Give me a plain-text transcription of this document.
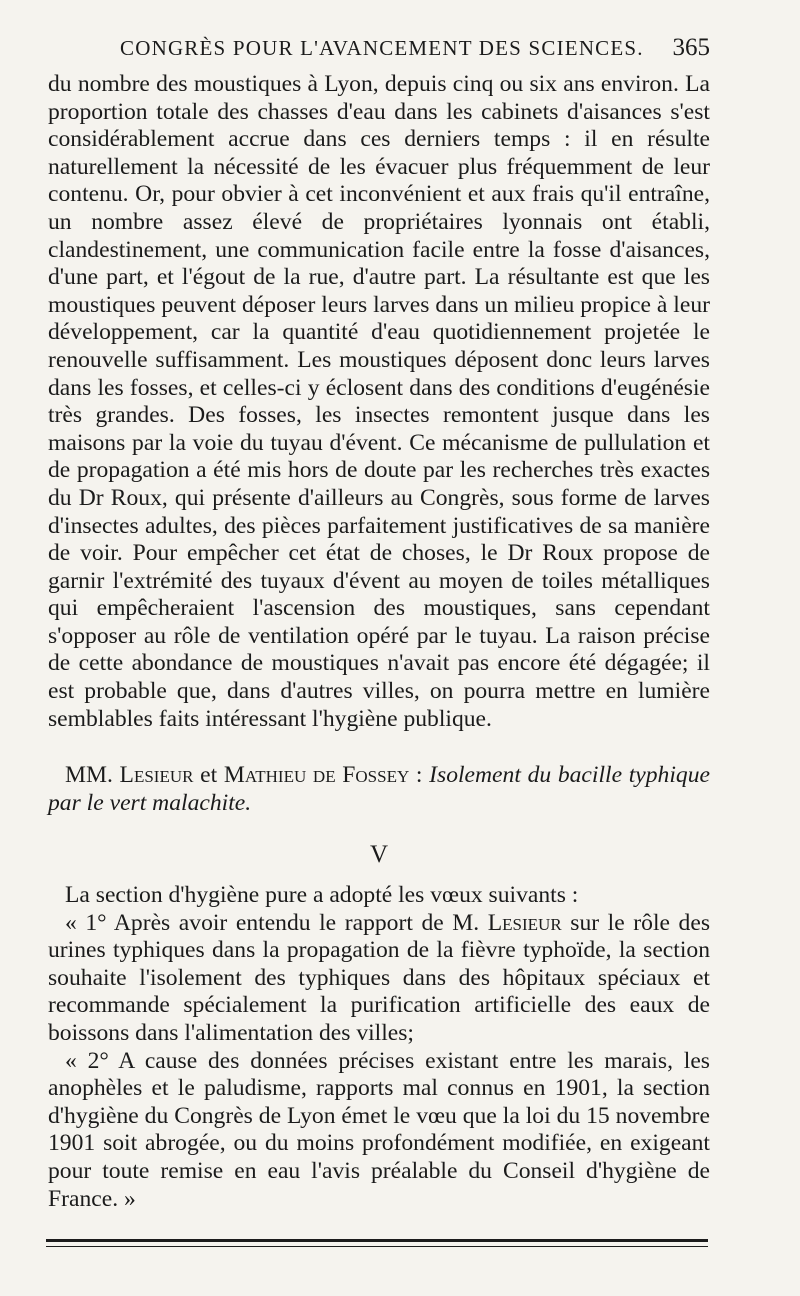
CONGRÈS POUR L'AVANCEMENT DES SCIENCES. 365

du nombre des moustiques à Lyon, depuis cinq ou six ans environ. La proportion totale des chasses d'eau dans les cabinets d'aisances s'est considérablement accrue dans ces derniers temps : il en résulte naturellement la nécessité de les évacuer plus fréquemment de leur contenu. Or, pour obvier à cet inconvénient et aux frais qu'il entraîne, un nombre assez élevé de propriétaires lyonnais ont établi, clandestinement, une communication facile entre la fosse d'aisances, d'une part, et l'égout de la rue, d'autre part. La résultante est que les moustiques peuvent déposer leurs larves dans un milieu propice à leur développement, car la quantité d'eau quotidiennement projetée le renouvelle suffisamment. Les moustiques déposent donc leurs larves dans les fosses, et celles-ci y éclosent dans des conditions d'eugénésie très grandes. Des fosses, les insectes remontent jusque dans les maisons par la voie du tuyau d'évent. Ce mécanisme de pullulation et de propagation a été mis hors de doute par les recherches très exactes du Dr Roux, qui présente d'ailleurs au Congrès, sous forme de larves d'insectes adultes, des pièces parfaitement justificatives de sa manière de voir. Pour empêcher cet état de choses, le Dr Roux propose de garnir l'extrémité des tuyaux d'évent au moyen de toiles métalliques qui empêcheraient l'ascension des moustiques, sans cependant s'opposer au rôle de ventilation opéré par le tuyau. La raison précise de cette abondance de moustiques n'avait pas encore été dégagée; il est probable que, dans d'autres villes, on pourra mettre en lumière semblables faits intéressant l'hygiène publique.

MM. Lesieur et Mathieu de Fossey : Isolement du bacille typhique par le vert malachite.

V

La section d'hygiène pure a adopté les vœux suivants :

« 1° Après avoir entendu le rapport de M. Lesieur sur le rôle des urines typhiques dans la propagation de la fièvre typhoïde, la section souhaite l'isolement des typhiques dans des hôpitaux spéciaux et recommande spécialement la purification artificielle des eaux de boissons dans l'alimentation des villes;

« 2° A cause des données précises existant entre les marais, les anophèles et le paludisme, rapports mal connus en 1901, la section d'hygiène du Congrès de Lyon émet le vœu que la loi du 15 novembre 1901 soit abrogée, ou du moins profondément modifiée, en exigeant pour toute remise en eau l'avis préalable du Conseil d'hygiène de France. »
